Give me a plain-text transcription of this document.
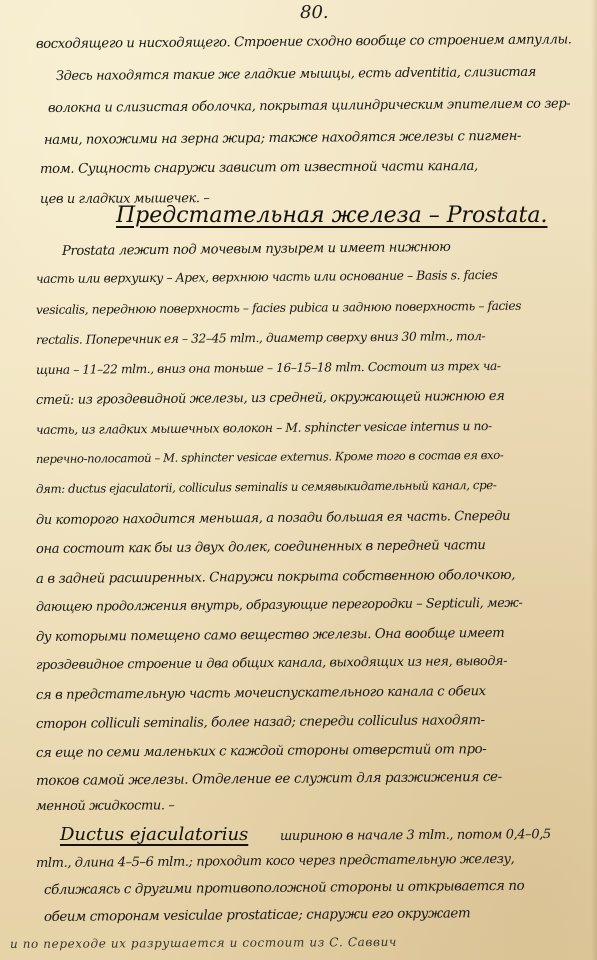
80.
восходящего и нисходящего. Строение сходно вообще со строением ампуллы.
Здесь находятся такие же гладкие мышцы, есть adventitia, слизистая
волокна и слизистая оболочка, покрытая цилиндрическим эпителием со зер-
нами, похожими на зерна жира; также находятся железы с пигмен-
том. Сущность снаружи зависит от известной части канала,
цев и гладких мышечек. –
Предстательная железа – Prostata.
Prostata лежит под мочевым пузырем и имеет нижнюю
часть или верхушку – Apex, верхнюю часть или основание – Basis s. facies
vesicalis, переднюю поверхность – facies pubica и заднюю поверхность – facies
rectalis. Поперечник ея – 32–45 mlm., диаметр сверху вниз 30 mlm., тол-
щина – 11–22 mlm., вниз она тоньше – 16–15–18 mlm. Состоит из трех ча-
стей: из гроздевидной железы, из средней, окружающей нижнюю ея
часть, из гладких мышечных волокон – M. sphincter vesicae internus и по-
перечно-полосатой – M. sphincter vesicae externus. Кроме того в состав ея вхо-
дят: ductus ejaculatorii, colliculus seminalis и семявыкидательный канал, сре-
ди которого находится меньшая, а позади большая ея часть. Спереди
она состоит как бы из двух долек, соединенных в передней части
а в задней расширенных. Снаружи покрыта собственною оболочкою,
дающею продолжения внутрь, образующие перегородки – Septiculi, меж-
ду которыми помещено само вещество железы. Она вообще имеет
гроздевидное строение и два общих канала, выходящих из нея, выводя-
ся в предстательную часть мочеиспускательного канала с обеих
сторон colliculi seminalis, более назад; спереди colliculus находят-
ся еще по семи маленьких с каждой стороны отверстий от про-
токов самой железы. Отделение ее служит для разжижения се-
менной жидкости. –
Ductus ejaculatorius шириною в начале 3 mlm., потом 0,4–0,5
mlm., длина 4–5–6 mlm.; проходит косо через предстательную железу,
сближаясь с другими противоположной стороны и открывается по
обеим сторонам vesiculae prostaticae; снаружи его окружает
и по переходе их разрушается и состоит из С. Саввич
